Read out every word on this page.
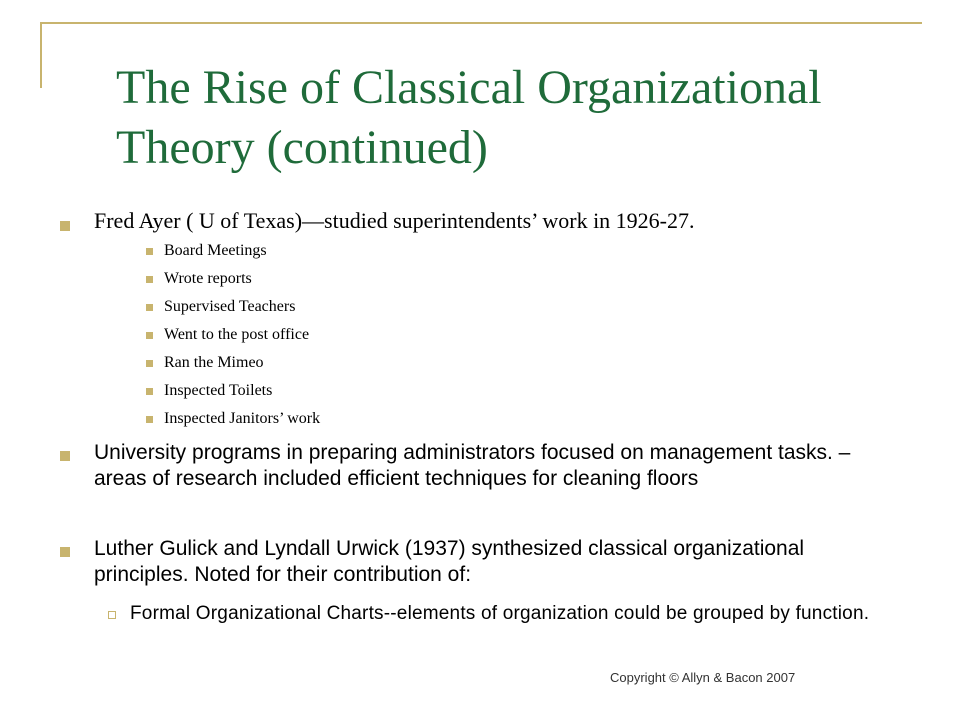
The Rise of Classical Organizational Theory (continued)
Fred Ayer ( U of Texas)—studied superintendents’ work in 1926-27.
Board Meetings
Wrote reports
Supervised Teachers
Went to the post office
Ran the Mimeo
Inspected Toilets
Inspected Janitors’ work
University programs in preparing administrators focused on management tasks. – areas of research included efficient techniques for cleaning floors
Luther Gulick and Lyndall Urwick (1937) synthesized classical organizational principles. Noted for their contribution of:
Formal Organizational Charts--elements of organization could be grouped by function.
Copyright © Allyn & Bacon 2007
